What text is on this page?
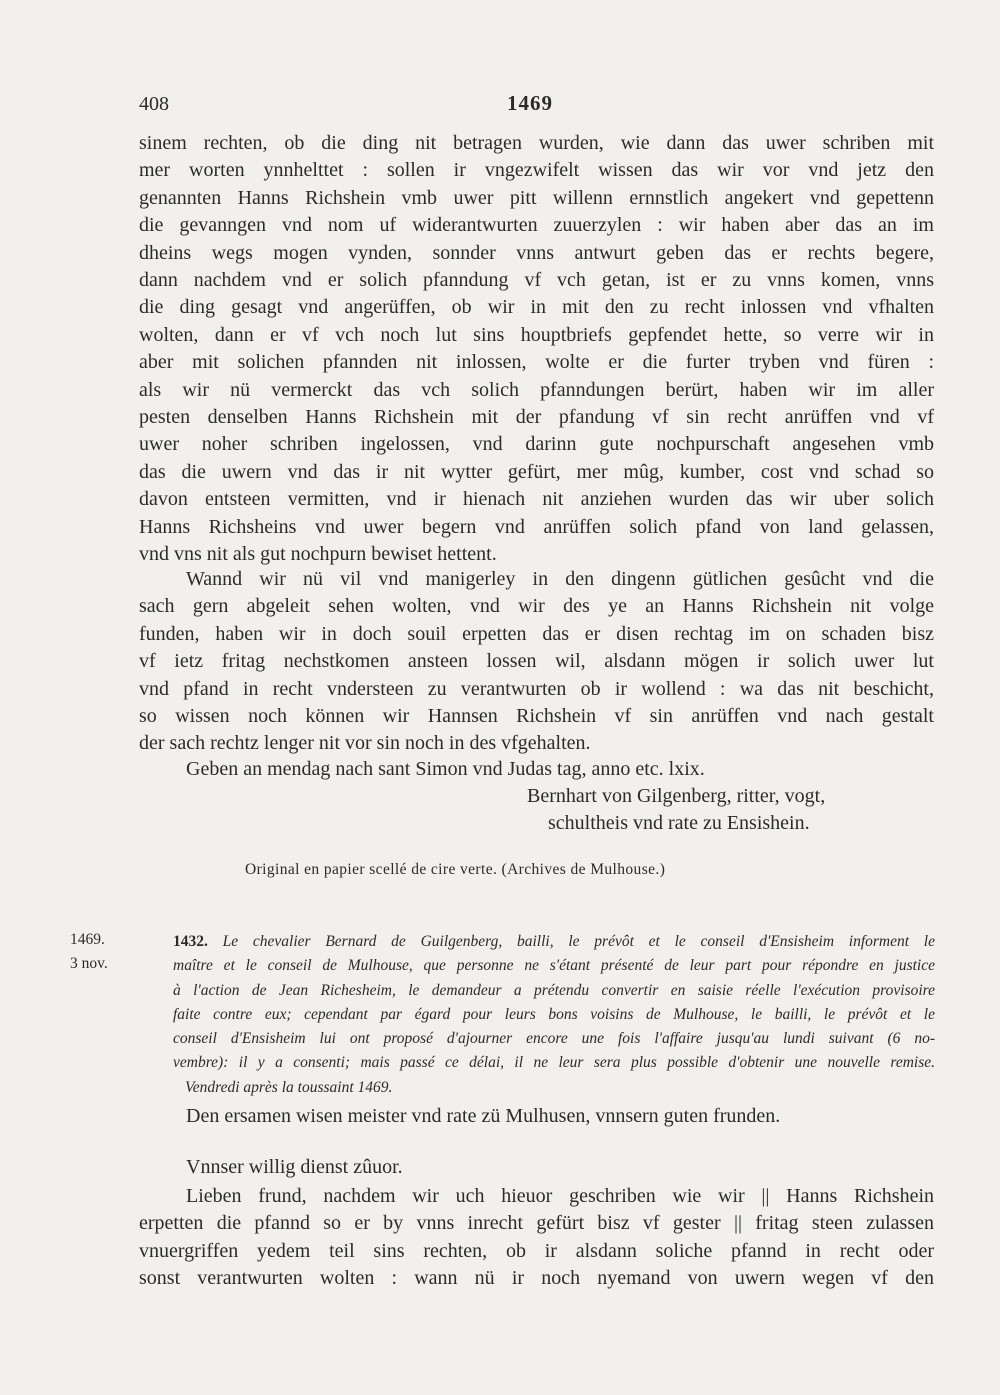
408	1469
sinem rechten, ob die ding nit betragen wurden, wie dann das uwer schriben mit
mer worten ynnhelttet : sollen ir vngezwifelt wissen das wir vor vnd jetz den
genannten Hanns Richshein vmb uwer pitt willenn ernnstlich angekert vnd gepettenn
die gevanngen vnd nom uf widerantwurten zuuerzylen : wir haben aber das an im
dheins wegs mogen vynden, sonnder vnns antwurt geben das er rechts begere,
dann nachdem vnd er solich pfanndung vf vch getan, ist er zu vnns komen, vnns
die ding gesagt vnd angerüffen, ob wir in mit den zu recht inlossen vnd vfhalten
wolten, dann er vf vch noch lut sins houptbriefs gepfendet hette, so verre wir in
aber mit solichen pfannden nit inlossen, wolte er die furter tryben vnd füren :
als wir nü vermerckt das vch solich pfanndungen berürt, haben wir im aller
pesten denselben Hanns Richshein mit der pfandung vf sin recht anrüffen vnd vf
uwer noher schriben ingelossen, vnd darinn gute nochpurschaft angesehen vmb
das die uwern vnd das ir nit wytter gefürt, mer mûg, kumber, cost vnd schad so
davon entsteen vermitten, vnd ir hienach nit anziehen wurden das wir uber solich
Hanns Richsheins vnd uwer begern vnd anrüffen solich pfand von land gelassen,
vnd vns nit als gut nochpurn bewiset hettent.
Wannd wir nü vil vnd manigerley in den dingenn gütlichen gesûcht vnd die
sach gern abgeleit sehen wolten, vnd wir des ye an Hanns Richshein nit volge
funden, haben wir in doch souil erpetten das er disen rechtag im on schaden bisz
vf ietz fritag nechstkomen ansteen lossen wil, alsdann mögen ir solich uwer lut
vnd pfand in recht vndersteen zu verantwurten ob ir wollend : wa das nit beschicht,
so wissen noch können wir Hannsen Richshein vf sin anrüffen vnd nach gestalt
der sach rechtz lenger nit vor sin noch in des vfgehalten.
Geben an mendag nach sant Simon vnd Judas tag, anno etc. lxix.
Bernhart von Gilgenberg, ritter, vogt,
schultheis vnd rate zu Ensishein.
Original en papier scellé de cire verte. (Archives de Mulhouse.)
1469.
3 nov.
1432. Le chevalier Bernard de Guilgenberg, bailli, le prévôt et le conseil d'Ensisheim informent le
maître et le conseil de Mulhouse, que personne ne s'étant présenté de leur part pour répondre en justice
à l'action de Jean Richesheim, le demandeur a prétendu convertir en saisie réelle l'exécution provisoire
faite contre eux; cependant par égard pour leurs bons voisins de Mulhouse, le bailli, le prévôt et le
conseil d'Ensisheim lui ont proposé d'ajourner encore une fois l'affaire jusqu'au lundi suivant (6 no-
vembre): il y a consenti; mais passé ce délai, il ne leur sera plus possible d'obtenir une nouvelle remise.
Vendredi après la toussaint 1469.
Den ersamen wisen meister vnd rate zü Mulhusen, vnnsern guten frunden.
Vnnser willig dienst zûuor.
Lieben frund, nachdem wir uch hieuor geschriben wie wir || Hanns Richshein
erpetten die pfannd so er by vnns inrecht gefürt bisz vf gester || fritag steen zulassen
vnuergriffen yedem teil sins rechten, ob ir alsdann soliche pfannd in recht oder
sonst verantwurten wolten : wann nü ir noch nyemand von uwern wegen vf den
